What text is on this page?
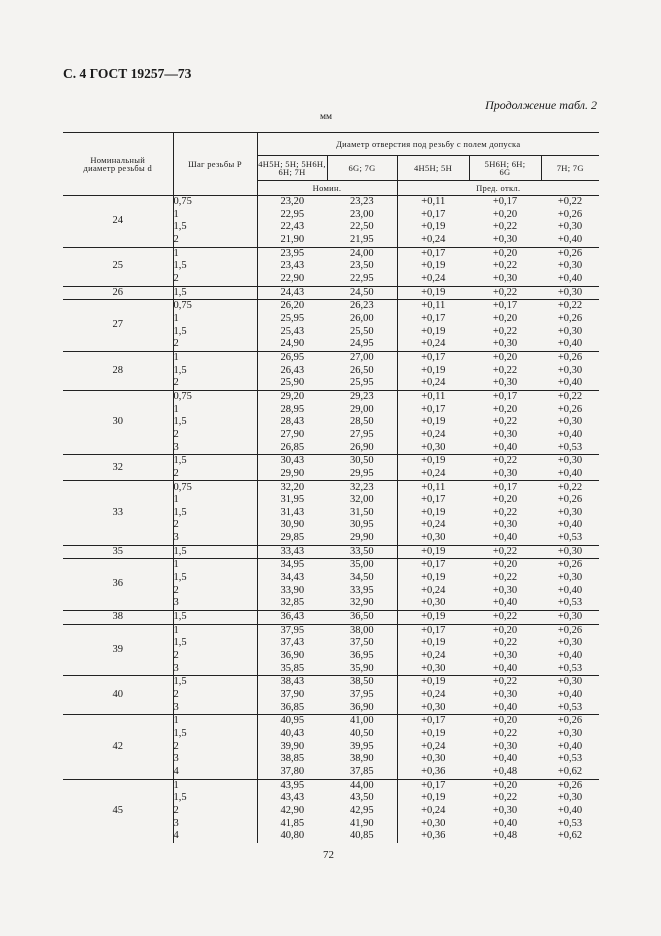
С. 4 ГОСТ 19257—73
Продолжение табл. 2
мм
Номинальный диаметр резьбы d	Шаг резьбы P	Диаметр отверстия под резьбу с полем допуска				
		4H5H; 5H; 5H6H, 6H; 7H	6G; 7G	4H5H; 5H	5H6H; 6H; 6G	7H; 7G
		Номин.		Пред. откл.		
24	0,75	23,20	23,23	+0,11	+0,17	+0,22
	1	22,95	23,00	+0,17	+0,20	+0,26
	1,5	22,43	22,50	+0,19	+0,22	+0,30
	2	21,90	21,95	+0,24	+0,30	+0,40
25	1	23,95	24,00	+0,17	+0,20	+0,26
	1,5	23,43	23,50	+0,19	+0,22	+0,30
	2	22,90	22,95	+0,24	+0,30	+0,40
26	1,5	24,43	24,50	+0,19	+0,22	+0,30
27	0,75	26,20	26,23	+0,11	+0,17	+0,22
	1	25,95	26,00	+0,17	+0,20	+0,26
	1,5	25,43	25,50	+0,19	+0,22	+0,30
	2	24,90	24,95	+0,24	+0,30	+0,40
28	1	26,95	27,00	+0,17	+0,20	+0,26
	1,5	26,43	26,50	+0,19	+0,22	+0,30
	2	25,90	25,95	+0,24	+0,30	+0,40
30	0,75	29,20	29,23	+0,11	+0,17	+0,22
	1	28,95	29,00	+0,17	+0,20	+0,26
	1,5	28,43	28,50	+0,19	+0,22	+0,30
	2	27,90	27,95	+0,24	+0,30	+0,40
	3	26,85	26,90	+0,30	+0,40	+0,53
32	1,5	30,43	30,50	+0,19	+0,22	+0,30
	2	29,90	29,95	+0,24	+0,30	+0,40
33	0,75	32,20	32,23	+0,11	+0,17	+0,22
	1	31,95	32,00	+0,17	+0,20	+0,26
	1,5	31,43	31,50	+0,19	+0,22	+0,30
	2	30,90	30,95	+0,24	+0,30	+0,40
	3	29,85	29,90	+0,30	+0,40	+0,53
35	1,5	33,43	33,50	+0,19	+0,22	+0,30
36	1	34,95	35,00	+0,17	+0,20	+0,26
	1,5	34,43	34,50	+0,19	+0,22	+0,30
	2	33,90	33,95	+0,24	+0,30	+0,40
	3	32,85	32,90	+0,30	+0,40	+0,53
38	1,5	36,43	36,50	+0,19	+0,22	+0,30
39	1	37,95	38,00	+0,17	+0,20	+0,26
	1,5	37,43	37,50	+0,19	+0,22	+0,30
	2	36,90	36,95	+0,24	+0,30	+0,40
	3	35,85	35,90	+0,30	+0,40	+0,53
40	1,5	38,43	38,50	+0,19	+0,22	+0,30
	2	37,90	37,95	+0,24	+0,30	+0,40
	3	36,85	36,90	+0,30	+0,40	+0,53
42	1	40,95	41,00	+0,17	+0,20	+0,26
	1,5	40,43	40,50	+0,19	+0,22	+0,30
	2	39,90	39,95	+0,24	+0,30	+0,40
	3	38,85	38,90	+0,30	+0,40	+0,53
	4	37,80	37,85	+0,36	+0,48	+0,62
45	1	43,95	44,00	+0,17	+0,20	+0,26
	1,5	43,43	43,50	+0,19	+0,22	+0,30
	2	42,90	42,95	+0,24	+0,30	+0,40
	3	41,85	41,90	+0,30	+0,40	+0,53
	4	40,80	40,85	+0,36	+0,48	+0,62
72
